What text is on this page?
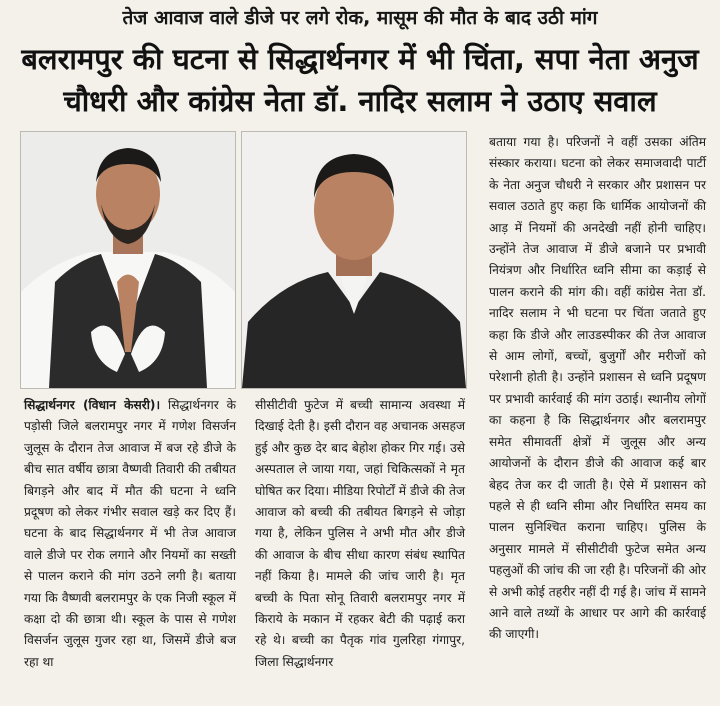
तेज आवाज वाले डीजे पर लगे रोक, मासूम की मौत के बाद उठी मांग
बलरामपुर की घटना से सिद्धार्थनगर में भी चिंता, सपा नेता अनुज
चौधरी और कांग्रेस नेता डॉ. नादिर सलाम ने उठाए सवाल

सिद्धार्थनगर (विधान केसरी)। सिद्धार्थनगर के पड़ोसी जिले बलरामपुर नगर में गणेश विसर्जन जुलूस के दौरान तेज आवाज में बज रहे डीजे के बीच सात वर्षीय छात्रा वैष्णवी तिवारी की तबीयत बिगड़ने और बाद में मौत की घटना ने ध्वनि प्रदूषण को लेकर गंभीर सवाल खड़े कर दिए हैं। घटना के बाद सिद्धार्थनगर में भी तेज आवाज वाले डीजे पर रोक लगाने और नियमों का सख्ती से पालन कराने की मांग उठने लगी है। बताया गया कि वैष्णवी बलरामपुर के एक निजी स्कूल में कक्षा दो की छात्रा थी। स्कूल के पास से गणेश विसर्जन जुलूस गुजर रहा था, जिसमें डीजे बज रहा था

सीसीटीवी फुटेज में बच्ची सामान्य अवस्था में दिखाई देती है। इसी दौरान वह अचानक असहज हुई और कुछ देर बाद बेहोश होकर गिर गई। उसे अस्पताल ले जाया गया, जहां चिकित्सकों ने मृत घोषित कर दिया। मीडिया रिपोर्टों में डीजे की तेज आवाज को बच्ची की तबीयत बिगड़ने से जोड़ा गया है, लेकिन पुलिस ने अभी मौत और डीजे की आवाज के बीच सीधा कारण संबंध स्थापित नहीं किया है। मामले की जांच जारी है। मृत बच्ची के पिता सोनू तिवारी बलरामपुर नगर में किराये के मकान में रहकर बेटी की पढ़ाई करा रहे थे। बच्ची का पैतृक गांव गुलरिहा गंगापुर, जिला सिद्धार्थनगर

बताया गया है। परिजनों ने वहीं उसका अंतिम संस्कार कराया। घटना को लेकर समाजवादी पार्टी के नेता अनुज चौधरी ने सरकार और प्रशासन पर सवाल उठाते हुए कहा कि धार्मिक आयोजनों की आड़ में नियमों की अनदेखी नहीं होनी चाहिए। उन्होंने तेज आवाज में डीजे बजाने पर प्रभावी नियंत्रण और निर्धारित ध्वनि सीमा का कड़ाई से पालन कराने की मांग की। वहीं कांग्रेस नेता डॉ. नादिर सलाम ने भी घटना पर चिंता जताते हुए कहा कि डीजे और लाउडस्पीकर की तेज आवाज से आम लोगों, बच्चों, बुजुर्गों और मरीजों को परेशानी होती है। उन्होंने प्रशासन से ध्वनि प्रदूषण पर प्रभावी कार्रवाई की मांग उठाई। स्थानीय लोगों का कहना है कि सिद्धार्थनगर और बलरामपुर समेत सीमावर्ती क्षेत्रों में जुलूस और अन्य आयोजनों के दौरान डीजे की आवाज कई बार बेहद तेज कर दी जाती है। ऐसे में प्रशासन को पहले से ही ध्वनि सीमा और निर्धारित समय का पालन सुनिश्चित कराना चाहिए। पुलिस के अनुसार मामले में सीसीटीवी फुटेज समेत अन्य पहलुओं की जांच की जा रही है। परिजनों की ओर से अभी कोई तहरीर नहीं दी गई है। जांच में सामने आने वाले तथ्यों के आधार पर आगे की कार्रवाई की जाएगी।
